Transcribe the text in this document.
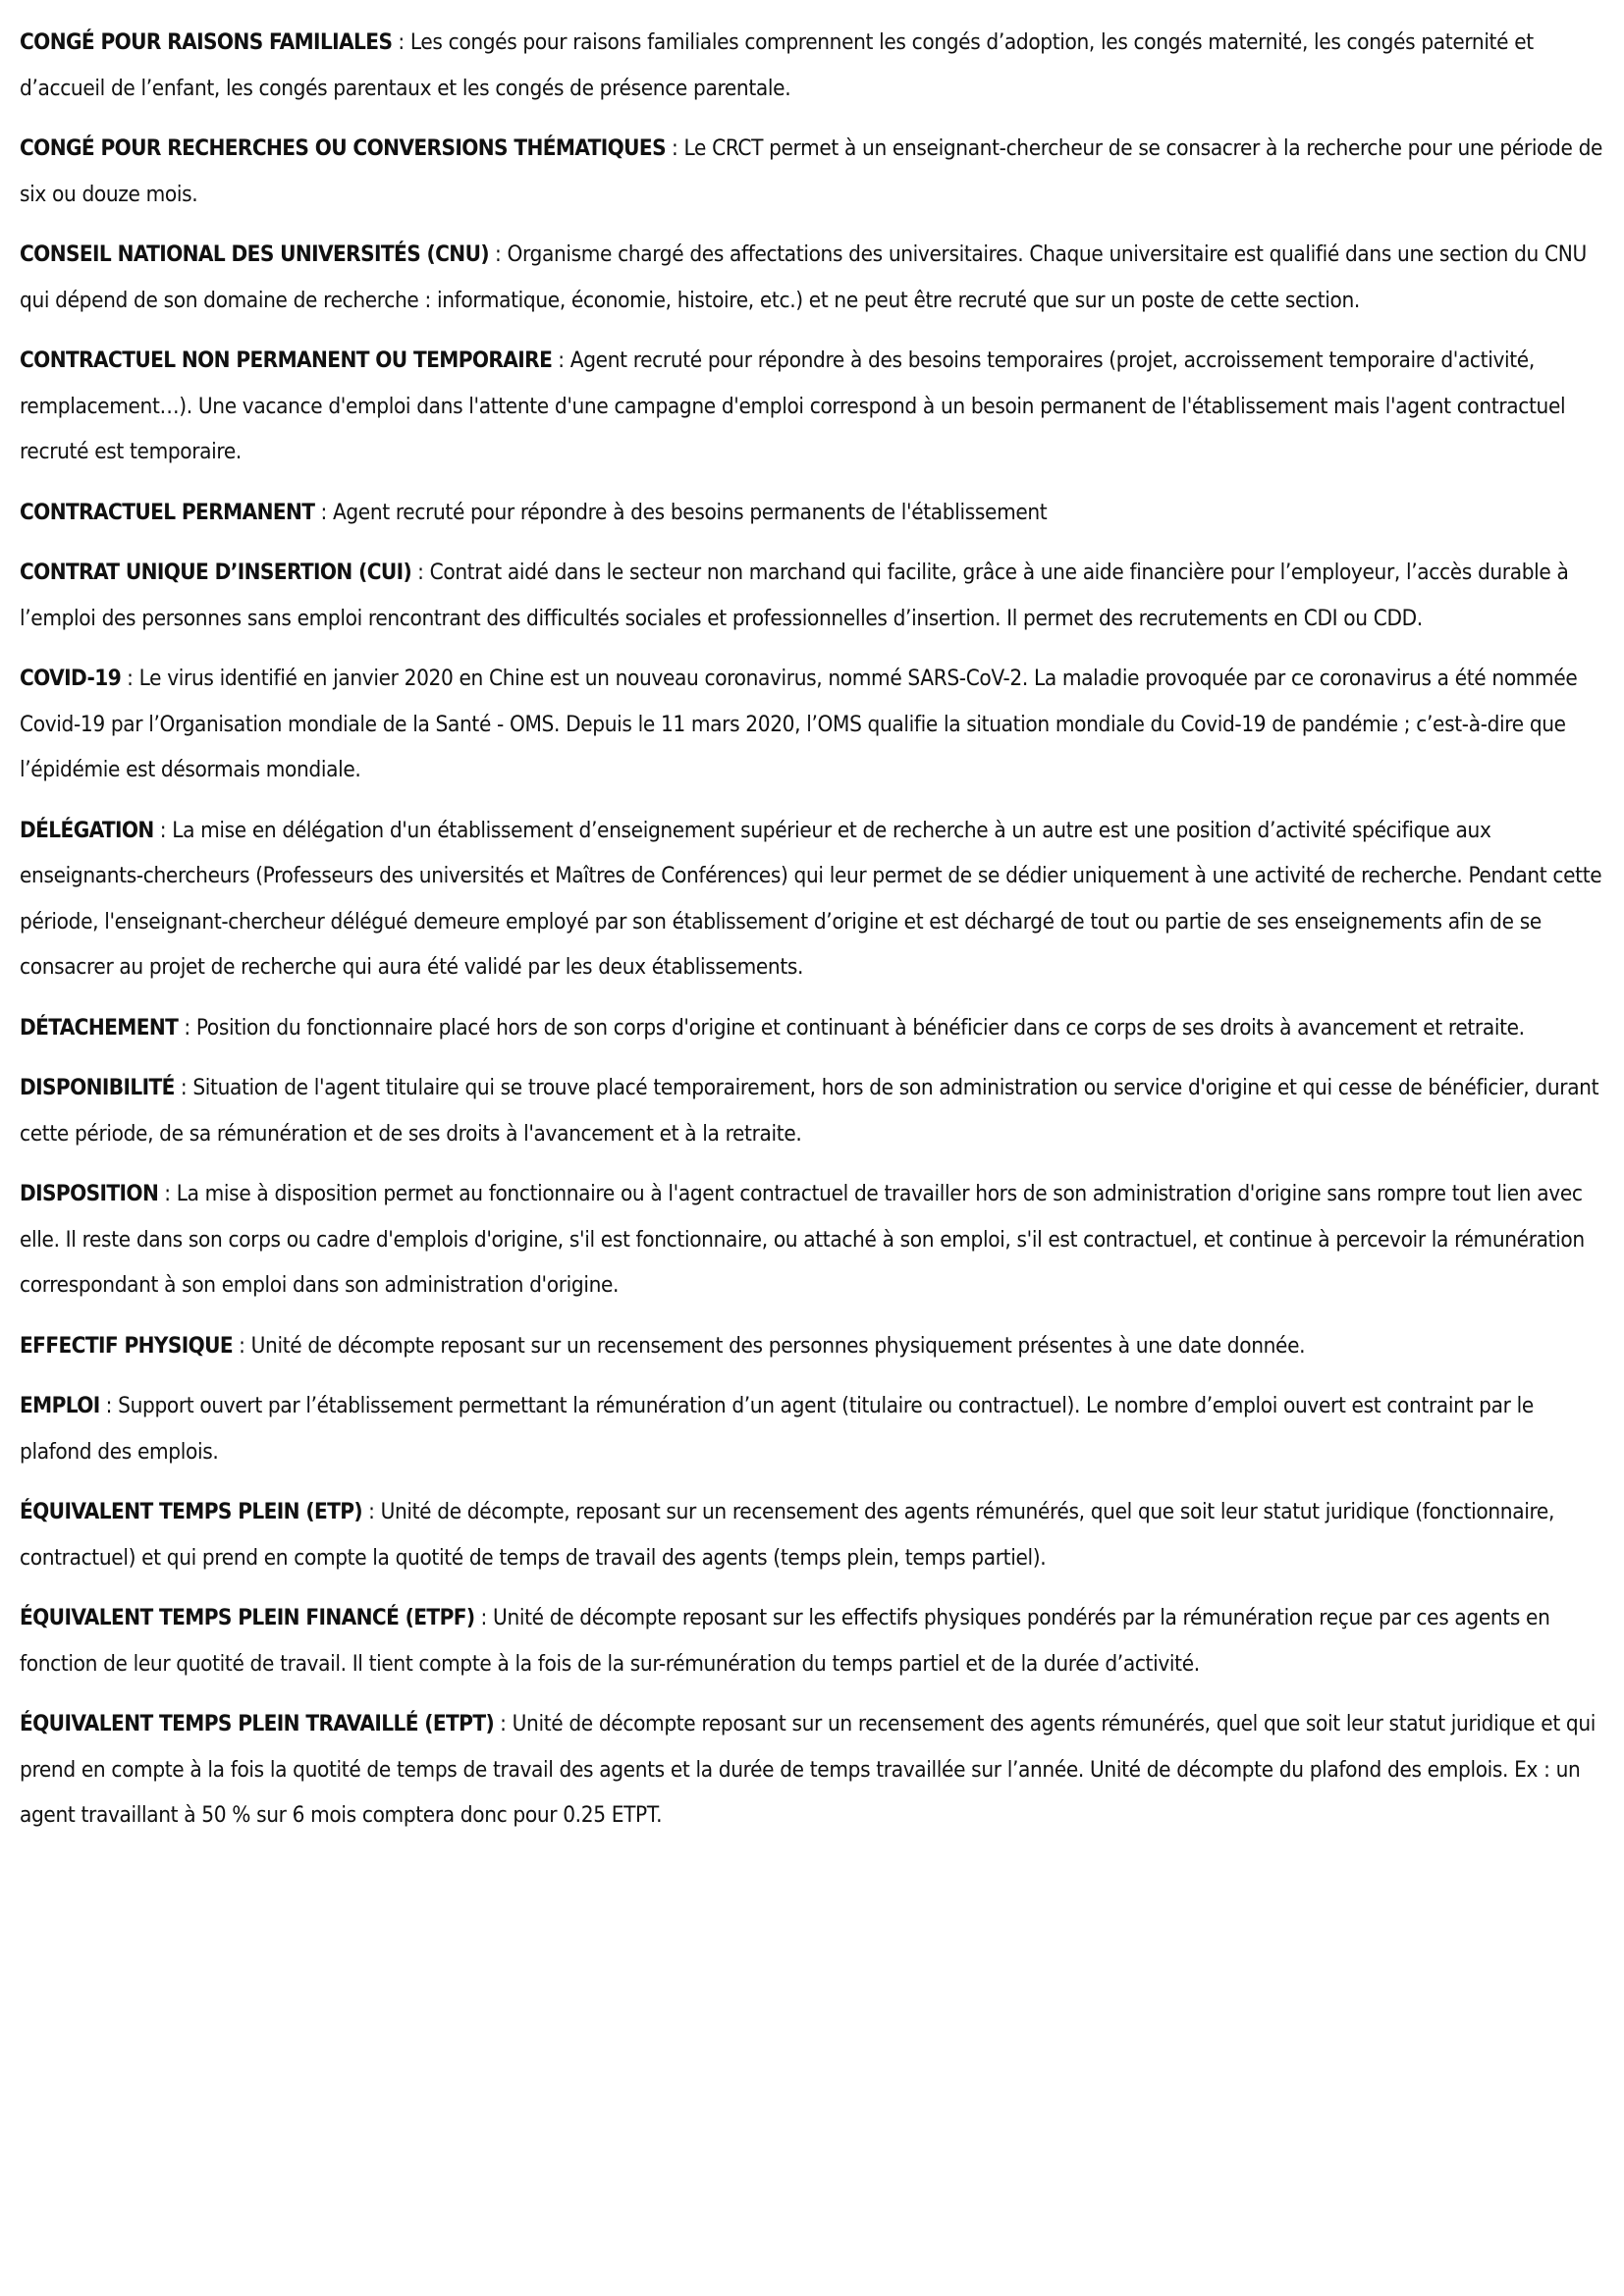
CONGÉ POUR RAISONS FAMILIALES : Les congés pour raisons familiales comprennent les congés d’adoption, les congés maternité, les congés paternité et d’accueil de l’enfant, les congés parentaux et les congés de présence parentale.

CONGÉ POUR RECHERCHES OU CONVERSIONS THÉMATIQUES : Le CRCT permet à un enseignant-chercheur de se consacrer à la recherche pour une période de six ou douze mois.

CONSEIL NATIONAL DES UNIVERSITÉS (CNU) : Organisme chargé des affectations des universitaires. Chaque universitaire est qualifié dans une section du CNU qui dépend de son domaine de recherche : informatique, économie, histoire, etc.) et ne peut être recruté que sur un poste de cette section.

CONTRACTUEL NON PERMANENT OU TEMPORAIRE : Agent recruté pour répondre à des besoins temporaires (projet, accroissement temporaire d'activité, remplacement…). Une vacance d'emploi dans l'attente d'une campagne d'emploi correspond à un besoin permanent de l'établissement mais l'agent contractuel recruté est temporaire.

CONTRACTUEL PERMANENT : Agent recruté pour répondre à des besoins permanents de l'établissement

CONTRAT UNIQUE D’INSERTION (CUI) : Contrat aidé dans le secteur non marchand qui facilite, grâce à une aide financière pour l’employeur, l’accès durable à l’emploi des personnes sans emploi rencontrant des difficultés sociales et professionnelles d’insertion. Il permet des recrutements en CDI ou CDD.

COVID-19 : Le virus identifié en janvier 2020 en Chine est un nouveau coronavirus, nommé SARS-CoV-2. La maladie provoquée par ce coronavirus a été nommée Covid-19 par l’Organisation mondiale de la Santé - OMS. Depuis le 11 mars 2020, l’OMS qualifie la situation mondiale du Covid-19 de pandémie ; c’est-à-dire que l’épidémie est désormais mondiale.

DÉLÉGATION : La mise en délégation d'un établissement d’enseignement supérieur et de recherche à un autre est une position d’activité spécifique aux enseignants-chercheurs (Professeurs des universités et Maîtres de Conférences) qui leur permet de se dédier uniquement à une activité de recherche. Pendant cette période, l'enseignant-chercheur délégué demeure employé par son établissement d’origine et est déchargé de tout ou partie de ses enseignements afin de se consacrer au projet de recherche qui aura été validé par les deux établissements.

DÉTACHEMENT : Position du fonctionnaire placé hors de son corps d'origine et continuant à bénéficier dans ce corps de ses droits à avancement et retraite.

DISPONIBILITÉ : Situation de l'agent titulaire qui se trouve placé temporairement, hors de son administration ou service d'origine et qui cesse de bénéficier, durant cette période, de sa rémunération et de ses droits à l'avancement et à la retraite.

DISPOSITION : La mise à disposition permet au fonctionnaire ou à l'agent contractuel de travailler hors de son administration d'origine sans rompre tout lien avec elle. Il reste dans son corps ou cadre d'emplois d'origine, s'il est fonctionnaire, ou attaché à son emploi, s'il est contractuel, et continue à percevoir la rémunération correspondant à son emploi dans son administration d'origine.

EFFECTIF PHYSIQUE : Unité de décompte reposant sur un recensement des personnes physiquement présentes à une date donnée.

EMPLOI : Support ouvert par l’établissement permettant la rémunération d’un agent (titulaire ou contractuel). Le nombre d’emploi ouvert est contraint par le plafond des emplois.

ÉQUIVALENT TEMPS PLEIN (ETP) : Unité de décompte, reposant sur un recensement des agents rémunérés, quel que soit leur statut juridique (fonctionnaire, contractuel) et qui prend en compte la quotité de temps de travail des agents (temps plein, temps partiel).

ÉQUIVALENT TEMPS PLEIN FINANCÉ (ETPF) : Unité de décompte reposant sur les effectifs physiques pondérés par la rémunération reçue par ces agents en fonction de leur quotité de travail. Il tient compte à la fois de la sur-rémunération du temps partiel et de la durée d’activité.

ÉQUIVALENT TEMPS PLEIN TRAVAILLÉ (ETPT) : Unité de décompte reposant sur un recensement des agents rémunérés, quel que soit leur statut juridique et qui prend en compte à la fois la quotité de temps de travail des agents et la durée de temps travaillée sur l’année. Unité de décompte du plafond des emplois. Ex : un agent travaillant à 50 % sur 6 mois comptera donc pour 0.25 ETPT.
